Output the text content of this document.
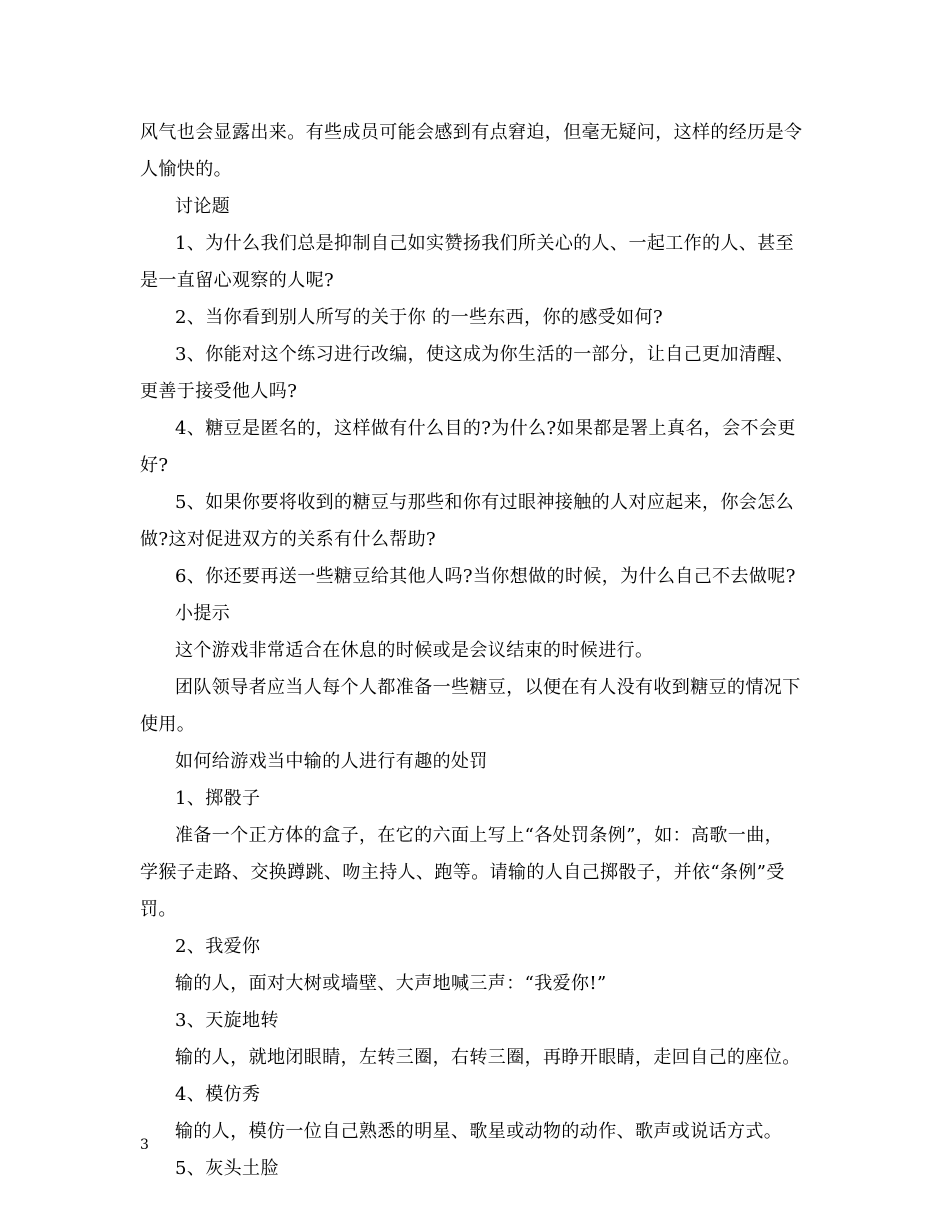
风气也会显露出来。有些成员可能会感到有点窘迫，但毫无疑问，这样的经历是令
人愉快的。
讨论题
1、为什么我们总是抑制自己如实赞扬我们所关心的人、一起工作的人、甚至
是一直留心观察的人呢?
2、当你看到别人所写的关于你 的一些东西，你的感受如何?
3、你能对这个练习进行改编，使这成为你生活的一部分，让自己更加清醒、
更善于接受他人吗?
4、糖豆是匿名的，这样做有什么目的?为什么?如果都是署上真名，会不会更
好?
5、如果你要将收到的糖豆与那些和你有过眼神接触的人对应起来，你会怎么
做?这对促进双方的关系有什么帮助?
6、你还要再送一些糖豆给其他人吗?当你想做的时候，为什么自己不去做呢?
小提示
这个游戏非常适合在休息的时候或是会议结束的时候进行。
团队领导者应当人每个人都准备一些糖豆，以便在有人没有收到糖豆的情况下
使用。
如何给游戏当中输的人进行有趣的处罚
1、掷骰子
准备一个正方体的盒子，在它的六面上写上“各处罚条例”，如：高歌一曲，
学猴子走路、交换蹲跳、吻主持人、跑等。请输的人自己掷骰子，并依“条例”受
罚。
2、我爱你
输的人，面对大树或墙壁、大声地喊三声：“我爱你!”
3、天旋地转
输的人，就地闭眼睛，左转三圈，右转三圈，再睁开眼睛，走回自己的座位。
4、模仿秀
输的人，模仿一位自己熟悉的明星、歌星或动物的动作、歌声或说话方式。
5、灰头土脸
3
